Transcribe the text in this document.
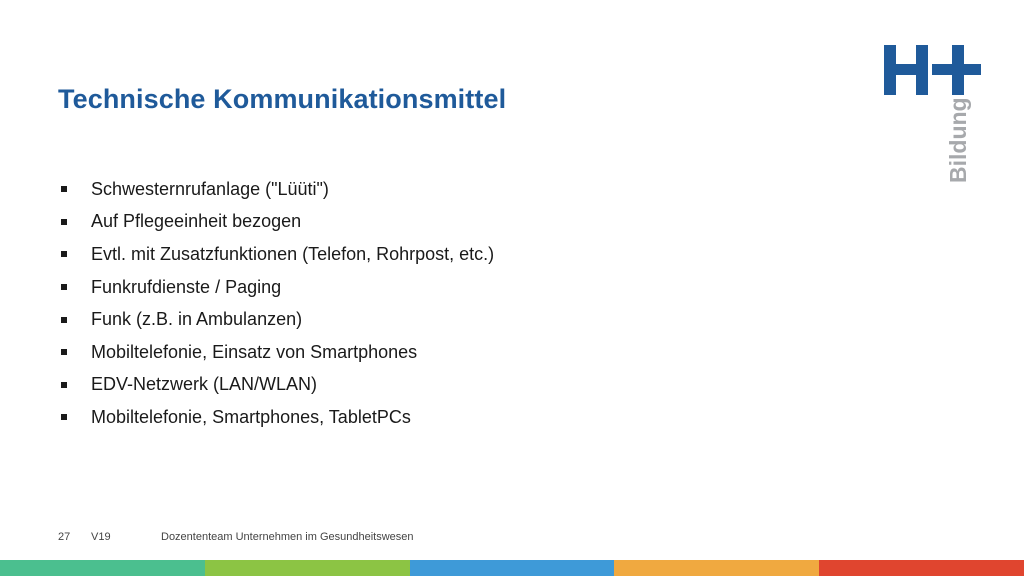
Technische Kommunikationsmittel
Schwesternrufanlage ("Lüüti")
Auf Pflegeeinheit bezogen
Evtl. mit Zusatzfunktionen (Telefon, Rohrpost, etc.)
Funkrufdienste / Paging
Funk (z.B. in Ambulanzen)
Mobiltelefonie, Einsatz von Smartphones
EDV-Netzwerk (LAN/WLAN)
Mobiltelefonie, Smartphones, TabletPCs
Bildung
27 V19	Dozententeam Unternehmen im Gesundheitswesen
